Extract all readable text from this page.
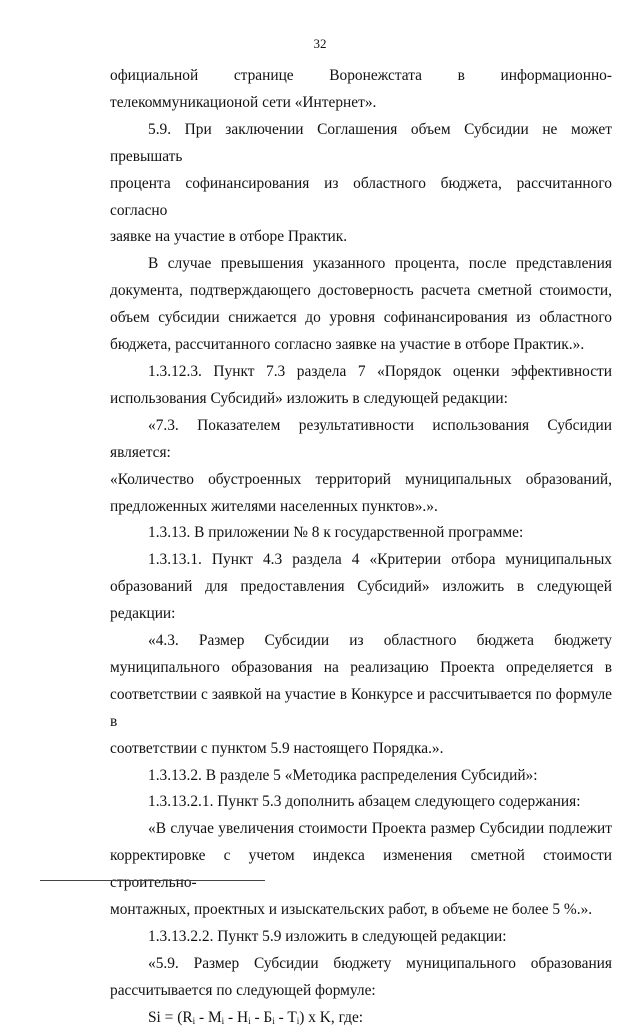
32

официальной странице Воронежстата в информационно-

телекоммуникационой сети «Интернет».

5.9. При заключении Соглашения объем Субсидии не может превышать

процента софинансирования из областного бюджета, рассчитанного согласно

заявке на участие в отборе Практик.

В случае превышения указанного процента, после представления

документа, подтверждающего достоверность расчета сметной стоимости,

объем субсидии снижается до уровня софинансирования из областного

бюджета, рассчитанного согласно заявке на участие в отборе Практик.».

1.3.12.3. Пункт 7.3 раздела 7 «Порядок оценки эффективности

использования Субсидий» изложить в следующей редакции:

«7.3. Показателем результативности использования Субсидии является:

«Количество обустроенных территорий муниципальных образований,

предложенных жителями населенных пунктов».».

1.3.13. В приложении № 8 к государственной программе:

1.3.13.1. Пункт 4.3 раздела 4 «Критерии отбора муниципальных

образований для предоставления Субсидий» изложить в следующей редакции:

«4.3. Размер Субсидии из областного бюджета бюджету

муниципального образования на реализацию Проекта определяется в

соответствии с заявкой на участие в Конкурсе и рассчитывается по формуле в

соответствии с пунктом 5.9 настоящего Порядка.».

1.3.13.2. В разделе 5 «Методика распределения Субсидий»:

1.3.13.2.1. Пункт 5.3 дополнить абзацем следующего содержания:

«В случае увеличения стоимости Проекта размер Субсидии подлежит

корректировке с учетом индекса изменения сметной стоимости строительно-

монтажных, проектных и изыскательских работ, в объеме не более 5 %.».

1.3.13.2.2. Пункт 5.9 изложить в следующей редакции:

«5.9. Размер Субсидии бюджету муниципального образования

рассчитывается по следующей формуле:

$Si = (R_i - M_i - H_i - Б_i - T_i)$ x K, где:
